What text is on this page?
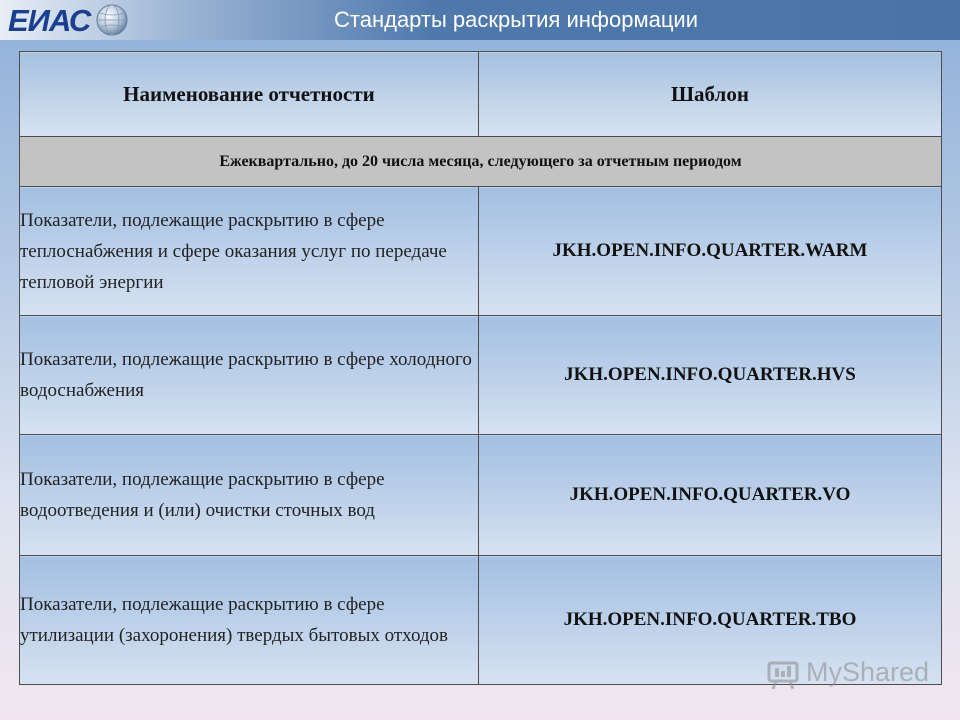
ЕИАС	Стандарты раскрытия информации
Наименование отчетности	Шаблон
Ежеквартально, до 20 числа месяца, следующего за отчетным периодом	
Показатели, подлежащие раскрытию в сфере теплоснабжения и сфере оказания услуг по передаче тепловой энергии	JKH.OPEN.INFO.QUARTER.WARM
Показатели, подлежащие раскрытию в сфере холодного водоснабжения	JKH.OPEN.INFO.QUARTER.HVS
Показатели, подлежащие раскрытию в сфере водоотведения и (или) очистки сточных вод	JKH.OPEN.INFO.QUARTER.VO
Показатели, подлежащие раскрытию в сфере утилизации (захоронения) твердых бытовых отходов	JKH.OPEN.INFO.QUARTER.TBO
MyShared
